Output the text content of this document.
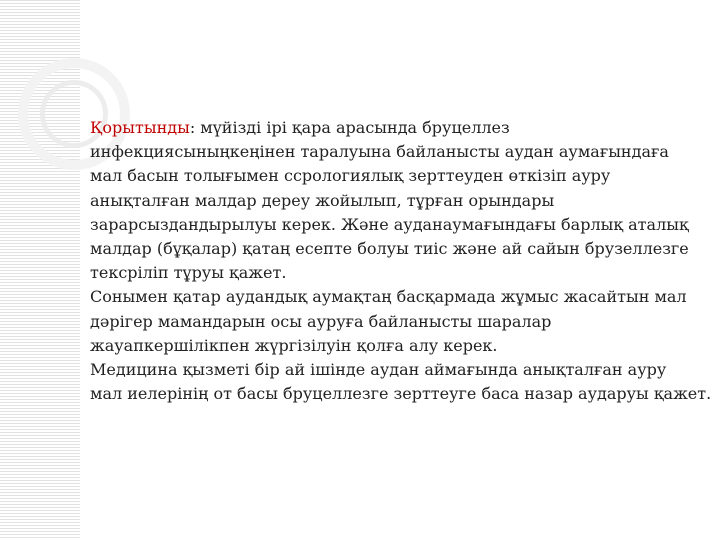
Қорытынды: мүйізді ірі қара арасында бруцеллез
инфекциясыныңкеңінен таралуына байланысты аудан аумағындаға
мал басын толығымен ссрологиялық зерттеуден өткізіп ауру
анықталған малдар дереу жойылып, тұрған орындары
зарарсыздандырылуы керек. Және ауданаумағындағы барлық аталық
малдар (бұқалар) қатаң есепте болуы тиіс және ай сайын брузеллезге
тексріліп тұруы қажет.

Сонымен қатар аудандық аумақтаң басқармада жұмыс жасайтын мал
дәрігер мамандарын осы ауруға байланысты шаралар
жауапкершілікпен жүргізілуін қолға алу керек.

Медицина қызметі бір ай ішінде аудан аймағында анықталған ауру
мал иелерінің от басы бруцеллезге зерттеуге баса назар аударуы қажет.
